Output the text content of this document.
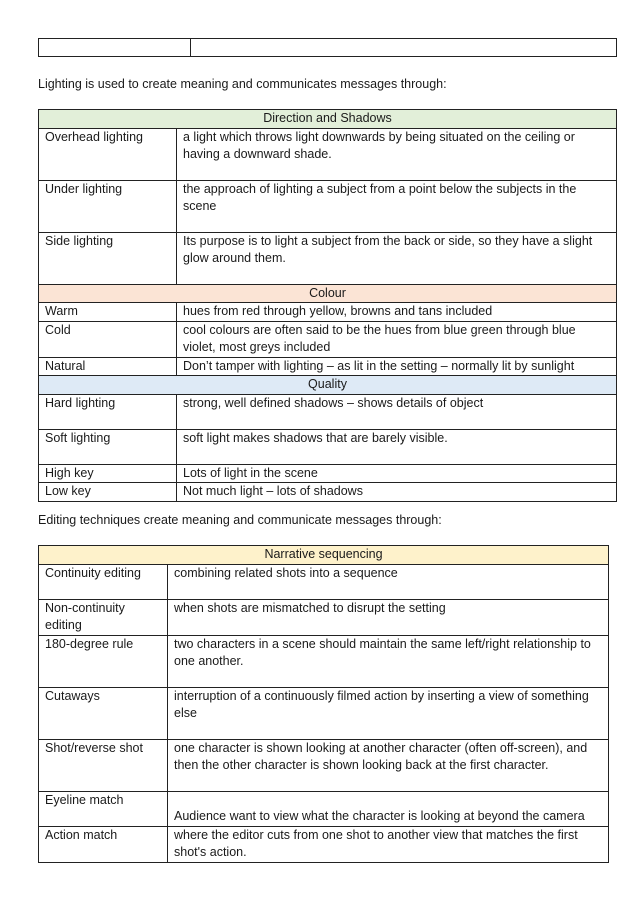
Lighting is used to create meaning and communicates messages through:
Direction and Shadows	
Overhead lighting	a light which throws light downwards by being situated on the ceiling or having a downward shade.
Under lighting	the approach of lighting a subject from a point below the subjects in the scene
Side lighting	Its purpose is to light a subject from the back or side, so they have a slight glow around them.
Colour	
Warm	hues from red through yellow, browns and tans included
Cold	cool colours are often said to be the hues from blue green through blue violet, most greys included
Natural	Don’t tamper with lighting – as lit in the setting – normally lit by sunlight
Quality	
Hard lighting	strong, well defined shadows – shows details of object
Soft lighting	soft light makes shadows that are barely visible.
High key	Lots of light in the scene
Low key	Not much light – lots of shadows
Editing techniques create meaning and communicate messages through:
Narrative sequencing	
Continuity editing	combining related shots into a sequence
Non-continuity editing	when shots are mismatched to disrupt the setting
180-degree rule	two characters in a scene should maintain the same left/right relationship to one another.
Cutaways	interruption of a continuously filmed action by inserting a view of something else
Shot/reverse shot	one character is shown looking at another character (often off-screen), and then the other character is shown looking back at the first character.
Eyeline match	Audience want to view what the character is looking at beyond the camera
Action match	where the editor cuts from one shot to another view that matches the first shot's action.
